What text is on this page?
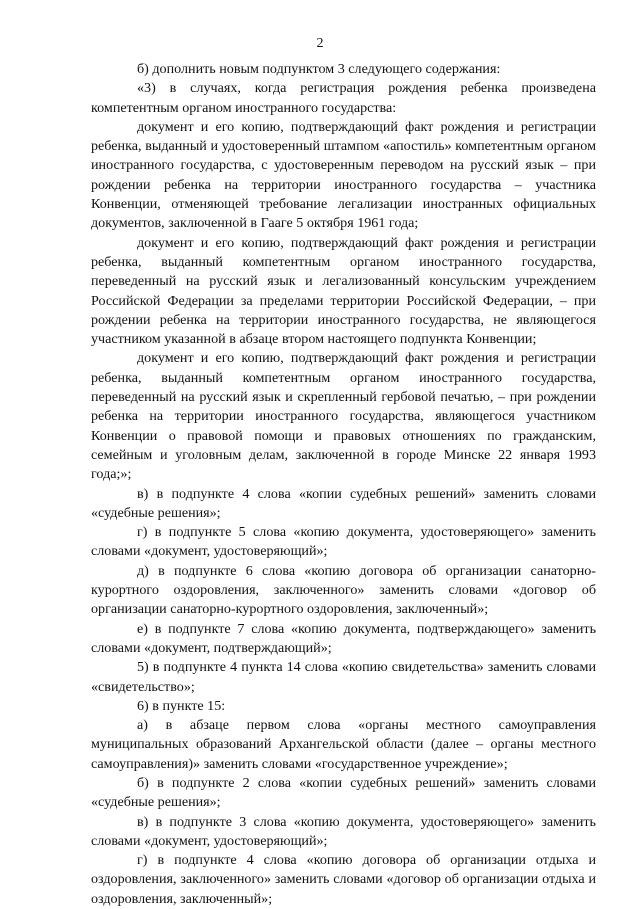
2

б) дополнить новым подпунктом 3 следующего содержания:

«3) в случаях, когда регистрация рождения ребенка произведена компетентным органом иностранного государства:

документ и его копию, подтверждающий факт рождения и регистрации ребенка, выданный и удостоверенный штампом «апостиль» компетентным органом иностранного государства, с удостоверенным переводом на русский язык – при рождении ребенка на территории иностранного государства – участника Конвенции, отменяющей требование легализации иностранных официальных документов, заключенной в Гааге 5 октября 1961 года;

документ и его копию, подтверждающий факт рождения и регистрации ребенка, выданный компетентным органом иностранного государства, переведенный на русский язык и легализованный консульским учреждением Российской Федерации за пределами территории Российской Федерации, – при рождении ребенка на территории иностранного государства, не являющегося участником указанной в абзаце втором настоящего подпункта Конвенции;

документ и его копию, подтверждающий факт рождения и регистрации ребенка, выданный компетентным органом иностранного государства, переведенный на русский язык и скрепленный гербовой печатью, – при рождении ребенка на территории иностранного государства, являющегося участником Конвенции о правовой помощи и правовых отношениях по гражданским, семейным и уголовным делам, заключенной в городе Минске 22 января 1993 года;»;

в) в подпункте 4 слова «копии судебных решений» заменить словами «судебные решения»;

г) в подпункте 5 слова «копию документа, удостоверяющего» заменить словами «документ, удостоверяющий»;

д) в подпункте 6 слова «копию договора об организации санаторно-курортного оздоровления, заключенного» заменить словами «договор об организации санаторно-курортного оздоровления, заключенный»;

е) в подпункте 7 слова «копию документа, подтверждающего» заменить словами «документ, подтверждающий»;

5) в подпункте 4 пункта 14 слова «копию свидетельства» заменить словами «свидетельство»;

6) в пункте 15:

а) в абзаце первом слова «органы местного самоуправления муниципальных образований Архангельской области (далее – органы местного самоуправления)» заменить словами «государственное учреждение»;

б) в подпункте 2 слова «копии судебных решений» заменить словами «судебные решения»;

в) в подпункте 3 слова «копию документа, удостоверяющего» заменить словами «документ, удостоверяющий»;

г) в подпункте 4 слова «копию договора об организации отдыха и оздоровления, заключенного» заменить словами «договор об организации отдыха и оздоровления, заключенный»;
